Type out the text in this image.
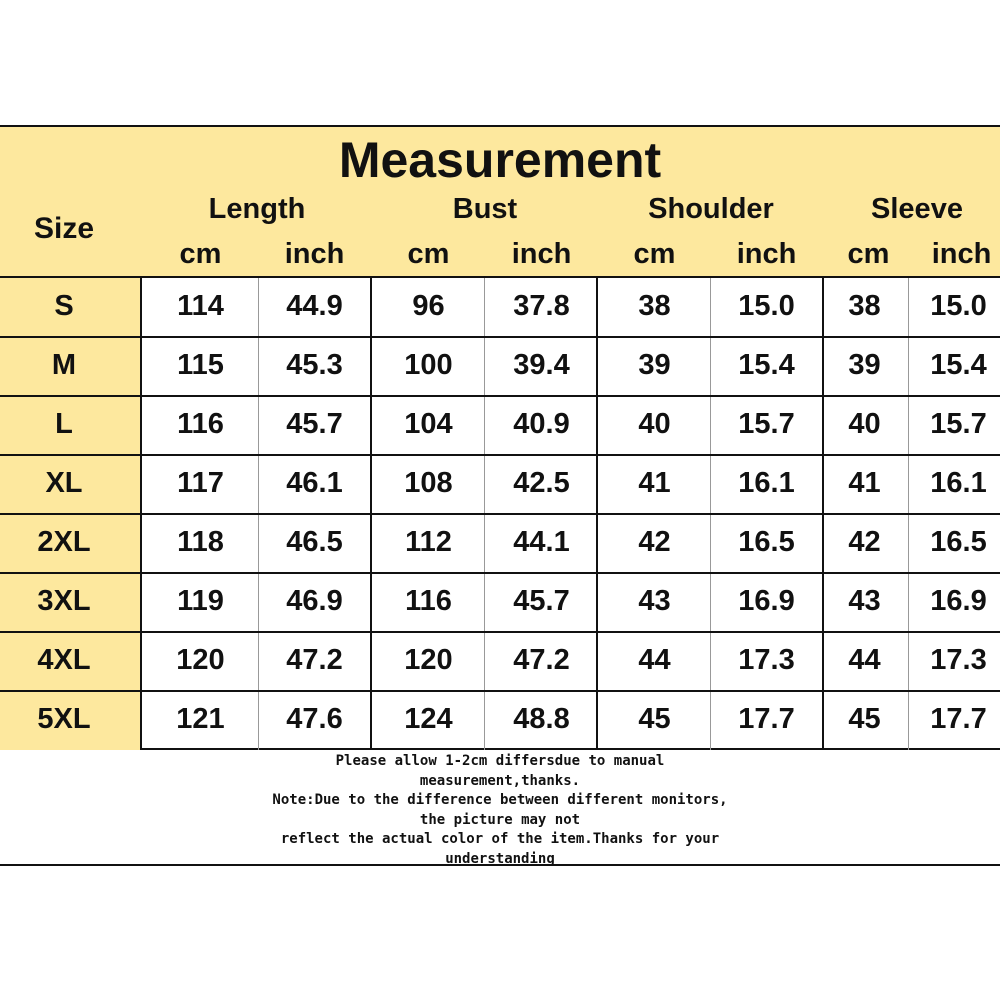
Measurement
Size
Length	Bust	Shoulder	Sleeve
cm	inch	cm	inch	cm	inch	cm	inch
S	114	44.9	96	37.8	38	15.0	38	15.0
M	115	45.3	100	39.4	39	15.4	39	15.4
L	116	45.7	104	40.9	40	15.7	40	15.7
XL	117	46.1	108	42.5	41	16.1	41	16.1
2XL	118	46.5	112	44.1	42	16.5	42	16.5
3XL	119	46.9	116	45.7	43	16.9	43	16.9
4XL	120	47.2	120	47.2	44	17.3	44	17.3
5XL	121	47.6	124	48.8	45	17.7	45	17.7
Please allow 1-2cm differsdue to manual
measurement,thanks.
Note:Due to the difference between different monitors,
the picture may not
reflect the actual color of the item.Thanks for your
understanding
